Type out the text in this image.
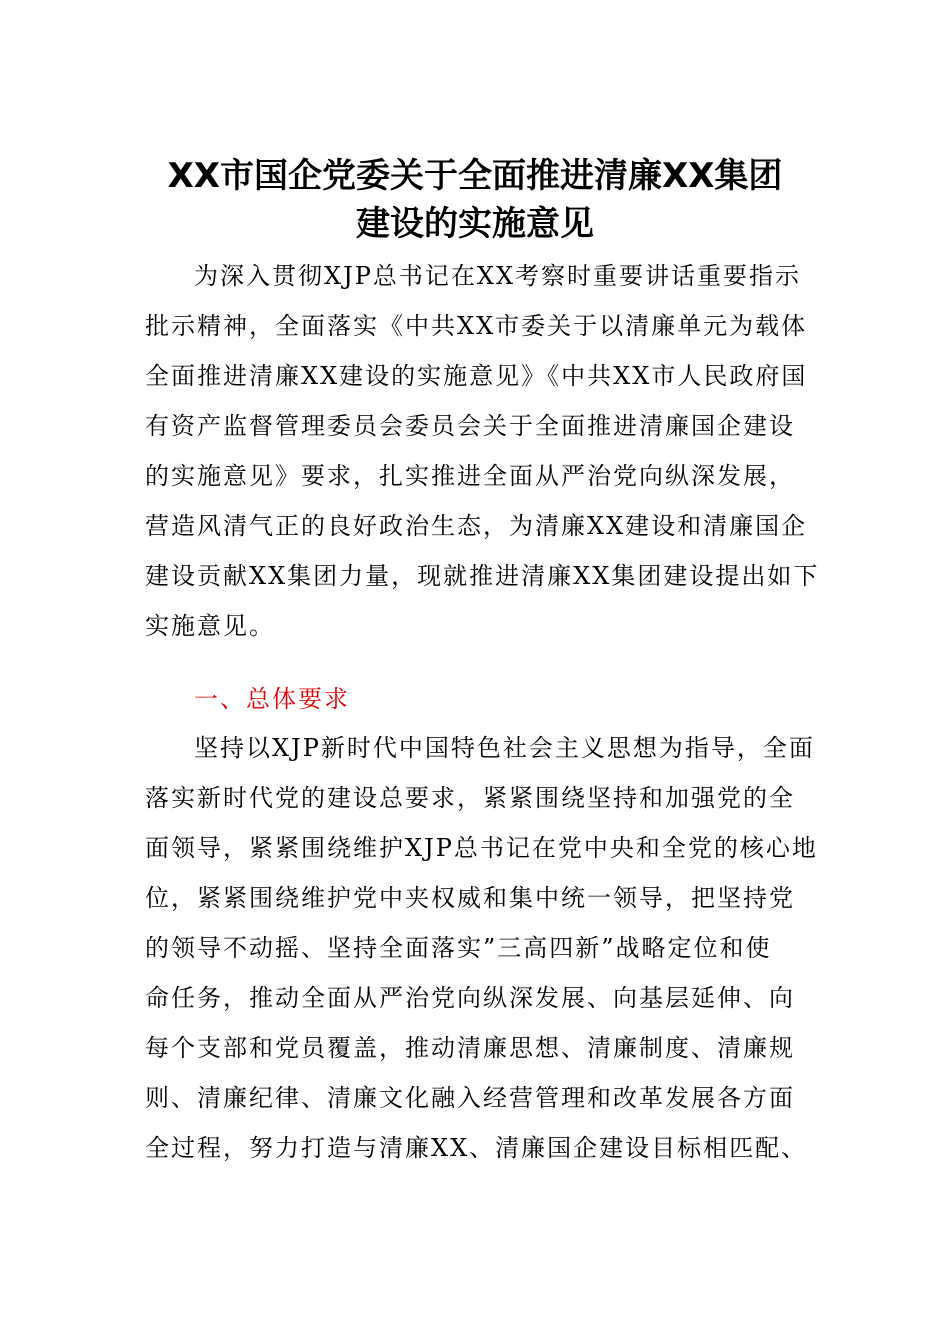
XX市国企党委关于全面推进清廉XX集团
建设的实施意见
为深入贯彻XJP总书记在XX考察时重要讲话重要指示
批示精神，全面落实《中共XX市委关于以清廉单元为载体
全面推进清廉XX建设的实施意见》《中共XX市人民政府国
有资产监督管理委员会委员会关于全面推进清廉国企建设
的实施意见》要求，扎实推进全面从严治党向纵深发展，
营造风清气正的良好政治生态，为清廉XX建设和清廉国企
建设贡献XX集团力量，现就推进清廉XX集团建设提出如下
实施意见。
一、总体要求
坚持以XJP新时代中国特色社会主义思想为指导，全面
落实新时代党的建设总要求，紧紧围绕坚持和加强党的全
面领导，紧紧围绕维护XJP总书记在党中央和全党的核心地
位，紧紧围绕维护党中夹权威和集中统一领导，把坚持党
的领导不动摇、坚持全面落实”三高四新”战略定位和使
命任务，推动全面从严治党向纵深发展、向基层延伸、向
每个支部和党员覆盖，推动清廉思想、清廉制度、清廉规
则、清廉纪律、清廉文化融入经营管理和改革发展各方面
全过程，努力打造与清廉XX、清廉国企建设目标相匹配、
